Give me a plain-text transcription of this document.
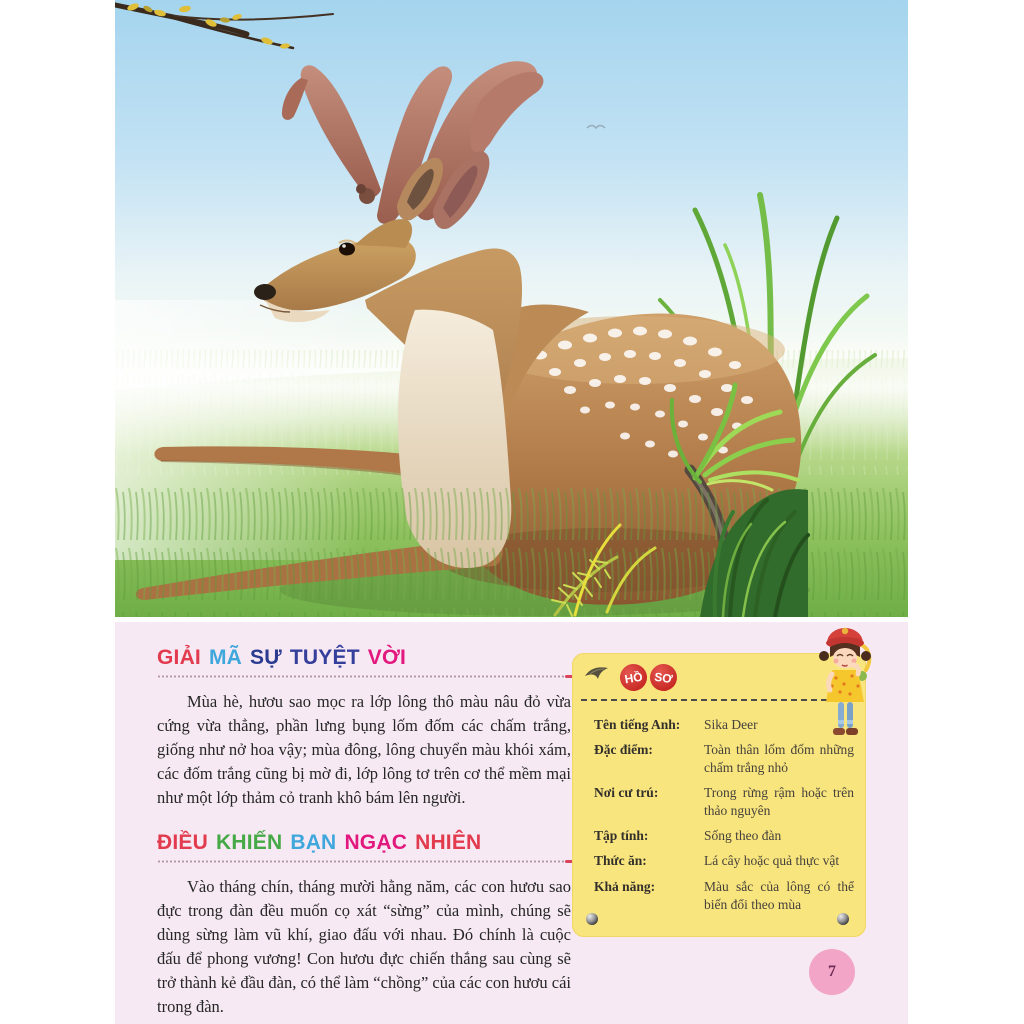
GIẢI MÃ SỰ TUYỆT VỜI

Mùa hè, hươu sao mọc ra lớp lông thô màu nâu đỏ vừa cứng vừa thẳng, phần lưng bụng lốm đốm các chấm trắng, giống như nở hoa vậy; mùa đông, lông chuyển màu khói xám, các đốm trắng cũng bị mờ đi, lớp lông tơ trên cơ thể mềm mại như một lớp thảm cỏ tranh khô bám lên người.

ĐIỀU KHIẾN BẠN NGẠC NHIÊN

Vào tháng chín, tháng mười hằng năm, các con hươu sao đực trong đàn đều muốn cọ xát “sừng” của mình, chúng sẽ dùng sừng làm vũ khí, giao đấu với nhau. Đó chính là cuộc đấu để phong vương! Con hươu đực chiến thắng sau cùng sẽ trở thành kẻ đầu đàn, có thể làm “chồng” của các con hươu cái trong đàn.

HỒ SƠ
Tên tiếng Anh:	Sika Deer
Đặc điểm:	Toàn thân lốm đốm những chấm trắng nhỏ
Nơi cư trú:	Trong rừng rậm hoặc trên thảo nguyên
Tập tính:	Sống theo đàn
Thức ăn:	Lá cây hoặc quả thực vật
Khả năng:	Màu sắc của lông có thể biến đổi theo mùa
7
